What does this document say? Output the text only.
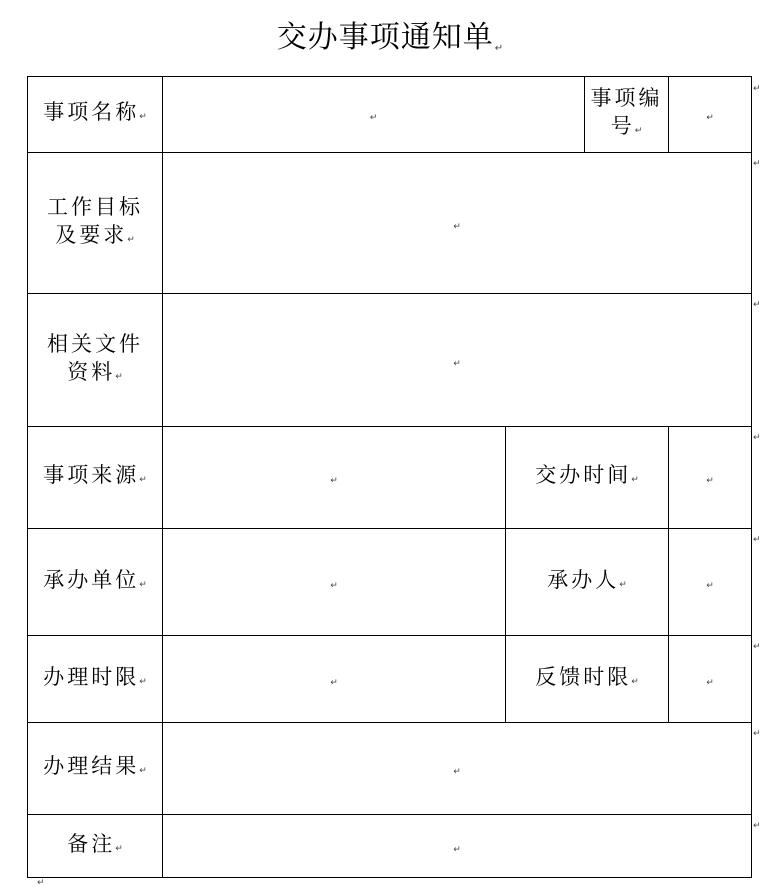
交办事项通知单↵
事项名称↵	↵		事项编号↵	↵
工作目标
及要求↵	↵			
相关文件
资料↵	↵			
事项来源↵	↵	交办时间↵		↵
承办单位↵	↵	承办人↵		↵
办理时限↵	↵	反馈时限↵		↵
办理结果↵	↵			
备注↵	↵			
↵
↵
↵
↵
↵
↵
↵
↵
↵
